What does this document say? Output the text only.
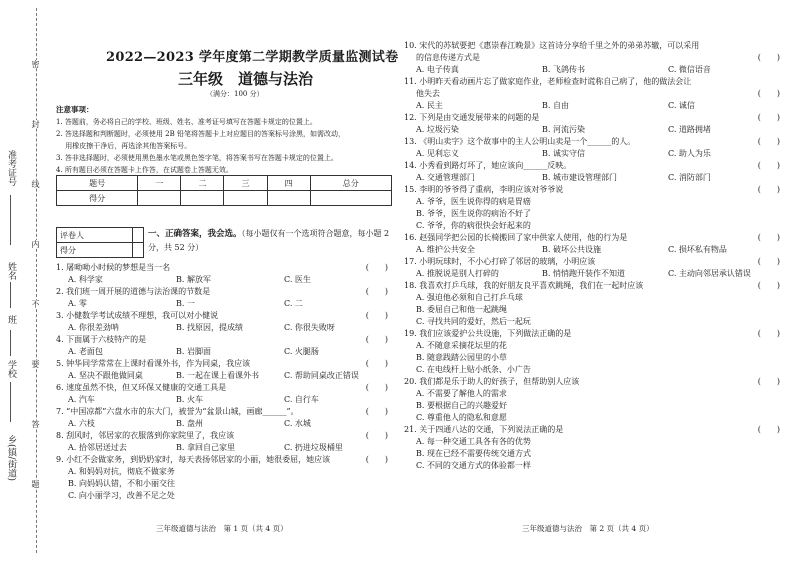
准考证号
姓名
班
学校
乡(镇/街道)
密
封
线
内
不
要
答
题
2022—2023 学年度第二学期教学质量监测试卷
三年级　道德与法治
（满分：100 分）

注意事项：

1. 答题前，务必将自己的学校、班级、姓名、准考证号填写在答题卡规定的位置上。

2. 答选择题和判断题时，必须使用 2B 铅笔将答题卡上对应题目的答案标号涂黑，如需改动，

　 用橡皮擦干净后，再选涂其他答案标号。

3. 答非选择题时，必须使用黑色墨水笔或黑色签字笔，将答案书写在答题卡规定的位置上。

4. 所有题目必须在答题卡上作答，在试题卷上答题无效。

题号	一	二	三	四	总分
得分					
评卷人	
得分	
一、正确答案，我会选。（每小题仅有一个选项符合题意，每小题 2 分，共 52 分）
1. 屠呦呦小时候的梦想是当一名	(　　)
A. 科学家	B. 解放军	C. 医生
2. 我们班一周开展的道德与法治课的节数是	(　　)
A. 零	B. 一	C. 二
3. 小健数学考试成绩不理想，我可以对小健说	(　　)
A. 你很差劲呐	B. 找原因，提成绩	C. 你很失败呀
4. 下面属于六枝特产的是	(　　)
A. 老面包	B. 岩脚面	C. 火腿肠
5. 钟华同学常常在上课时看课外书，作为同桌，我应该	(　　)
A. 坚决不跟他做同桌	B. 一起在课上看课外书	C. 帮助同桌改正错误
6. 速度虽然不快，但又环保又健康的交通工具是	(　　)
A. 汽车	B. 火车	C. 自行车
7. “中国凉都”六盘水市的东大门，被誉为“盆景山城，画廊______”。	(　　)
A. 六枝	B. 盘州	C. 水城
8. 刮风时，邻居家的衣服落到你家院里了，我应该	(　　)
A. 拾邻居送过去	B. 拿回自己家里	C. 扔进垃圾桶里
9. 小红不会做家务，到奶奶家时，每天表扬邻居家的小丽，她很委屈，她应该	(　　)
A. 和妈妈对抗，彻底不做家务
B. 向妈妈认错，不和小丽交往
C. 向小丽学习，改善不足之处
三年级道德与法治　第 1 页（共 4 页）
10. 宋代的苏轼要把《惠崇春江晚景》这首诗分享给千里之外的弟弟苏辙，可以采用
的信息传递方式是	(　　)
A. 电子传真	B. 飞鸽传书	C. 微信语音
11. 小明昨天看动画片忘了做家庭作业，老师检查时谎称自己病了，他的做法会让
他失去	(　　)
A. 民主	B. 自由	C. 诚信
12. 下列是由交通发展带来的问题的是	(　　)
A. 垃圾污染	B. 河流污染	C. 道路拥堵
13. 《明山卖字》这个故事中的主人公明山卖是一个______的人。	(　　)
A. 见利忘义	B. 诚实守信	C. 助人为乐
14. 小秀看到路灯坏了，她应该向______反映。	(　　)
A. 交通管理部门	B. 城市建设管理部门	C. 消防部门
15. 李明的爷爷得了重病，李明应该对爷爷说	(　　)
A. 爷爷，医生说你得的病是胃癌
B. 爷爷，医生说你的病治不好了
C. 爷爷，你的病很快会好起来的
16. 赵强同学把公园的长椅搬回了家中供家人使用，他的行为是	(　　)
A. 维护公共安全	B. 破坏公共设施	C. 损坏私有物品
17. 小明玩球时，不小心打碎了邻居的玻璃，小明应该	(　　)
A. 推脱说是别人打碎的	B. 悄悄跑开装作不知道	C. 主动向邻居承认错误
18. 我喜欢打乒乓球，我的好朋友良平喜欢跳绳，我们在一起时应该	(　　)
A. 强迫他必须和自己打乒乓球
B. 委屈自己和他一起跳绳
C. 寻找共同的爱好，然后一起玩
19. 我们应该爱护公共设施，下列做法正确的是	(　　)
A. 不随意采摘花坛里的花
B. 随意践踏公园里的小草
C. 在电线杆上贴小纸条、小广告
20. 我们都是乐于助人的好孩子，但帮助别人应该	(　　)
A. 不需要了解他人的需求
B. 要根据自己的兴趣爱好
C. 尊重他人的隐私和意愿
21. 关于四通八达的交通，下列说法正确的是	(　　)
A. 每一种交通工具各有各的优势
B. 现在已经不需要传统交通方式
C. 不同的交通方式的体验都一样
三年级道德与法治　第 2 页（共 4 页）
